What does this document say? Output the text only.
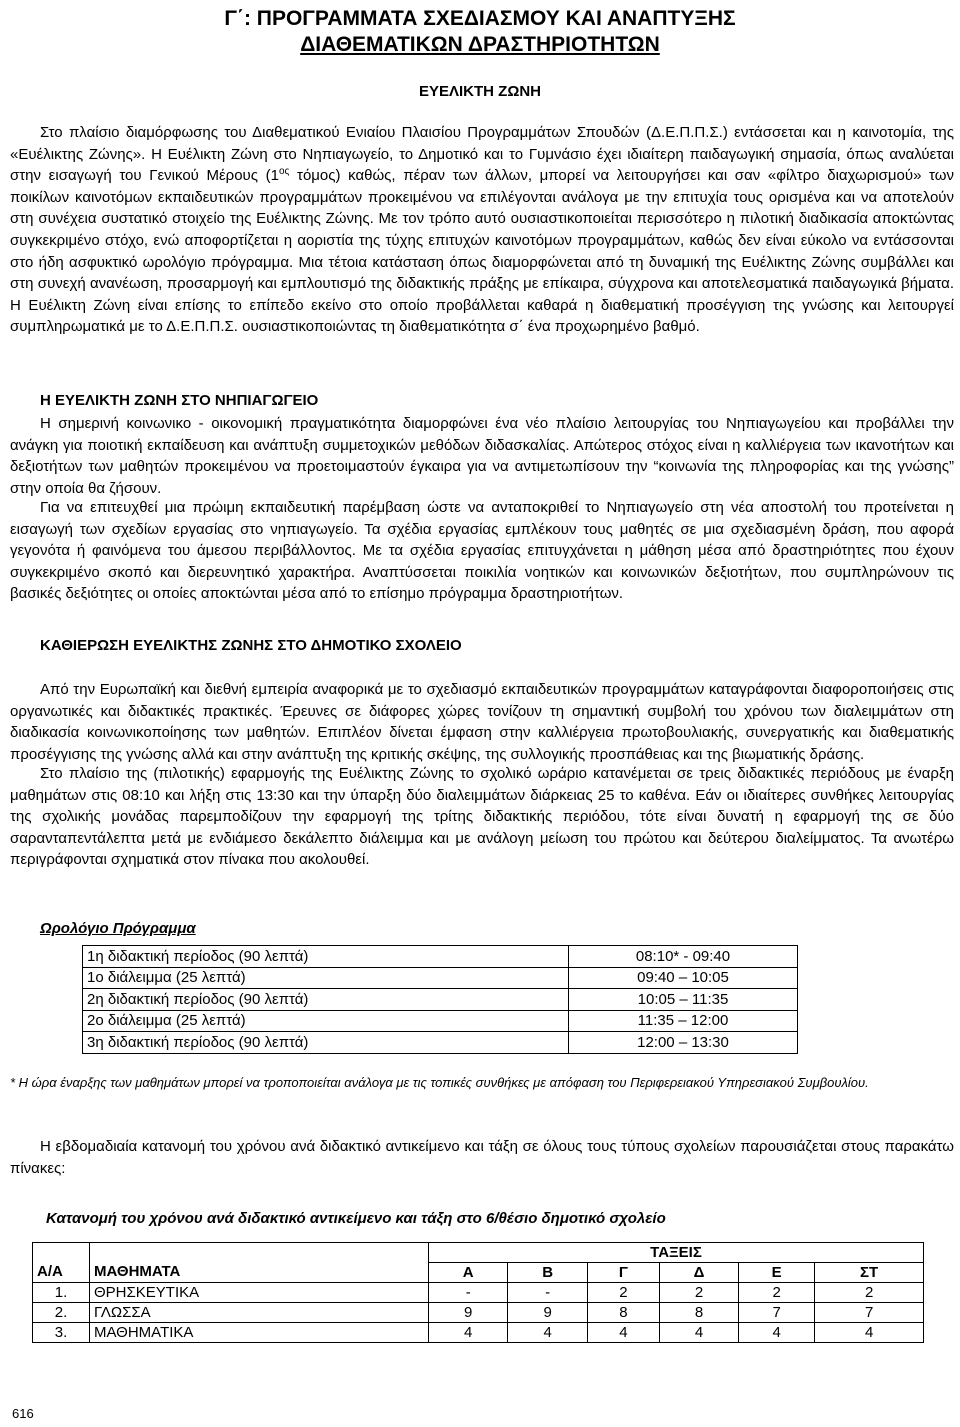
Γ΄: ΠΡΟΓΡΑΜΜΑΤΑ ΣΧΕΔΙΑΣΜΟΥ ΚΑΙ ΑΝΑΠΤΥΞΗΣ
ΔΙΑΘΕΜΑΤΙΚΩΝ ΔΡΑΣΤΗΡΙΟΤΗΤΩΝ
ΕΥΕΛΙΚΤΗ ΖΩΝΗ

Στο πλαίσιο διαμόρφωσης του Διαθεματικού Ενιαίου Πλαισίου Προγραμμάτων Σπουδών (Δ.Ε.Π.Π.Σ.) εντάσσεται και η καινοτομία, της «Ευέλικτης Ζώνης». Η Ευέλικτη Ζώνη στο Νηπιαγωγείο, το Δημοτικό και το Γυμνάσιο έχει ιδιαίτερη παιδαγωγική σημασία, όπως αναλύεται στην εισαγωγή του Γενικού Μέρους ($1^{o\varsigma}$ τόμος) καθώς, πέραν των άλλων, μπορεί να λειτουργήσει και σαν «φίλτρο διαχωρισμού» των ποικίλων καινοτόμων εκπαιδευτικών προγραμμάτων προκειμένου να επιλέγονται ανάλογα με την επιτυχία τους ορισμένα και να αποτελούν στη συνέχεια συστατικό στοιχείο της Ευέλικτης Ζώνης. Με τον τρόπο αυτό ουσιαστικοποιείται περισσότερο η πιλοτική διαδικασία αποκτώντας συγκεκριμένο στόχο, ενώ αποφορτίζεται η αοριστία της τύχης επιτυχών καινοτόμων προγραμμάτων, καθώς δεν είναι εύκολο να εντάσσονται στο ήδη ασφυκτικό ωρολόγιο πρόγραμμα. Μια τέτοια κατάσταση όπως διαμορφώνεται από τη δυναμική της Ευέλικτης Ζώνης συμβάλλει και στη συνεχή ανανέωση, προσαρμογή και εμπλουτισμό της διδακτικής πράξης με επίκαιρα, σύγχρονα και αποτελεσματικά παιδαγωγικά βήματα. Η Ευέλικτη Ζώνη είναι επίσης το επίπεδο εκείνο στο οποίο προβάλλεται καθαρά η διαθεματική προσέγγιση της γνώσης και λειτουργεί συμπληρωματικά με το Δ.Ε.Π.Π.Σ. ουσιαστικοποιώντας τη διαθεματικότητα σ΄ ένα προχωρημένο βαθμό.

Η ΕΥΕΛΙΚΤΗ ΖΩΝΗ ΣΤΟ ΝΗΠΙΑΓΩΓΕΙΟ

Η σημερινή κοινωνικο - οικονομική πραγματικότητα διαμορφώνει ένα νέο πλαίσιο λειτουργίας του Νηπιαγωγείου και προβάλλει την ανάγκη για ποιοτική εκπαίδευση και ανάπτυξη συμμετοχικών μεθόδων διδασκαλίας. Απώτερος στόχος είναι η καλλιέργεια των ικανοτήτων και δεξιοτήτων των μαθητών προκειμένου να προετοιμαστούν έγκαιρα για να αντιμετωπίσουν την “κοινωνία της πληροφορίας και της γνώσης” στην οποία θα ζήσουν.

Για να επιτευχθεί μια πρώιμη εκπαιδευτική παρέμβαση ώστε να ανταποκριθεί το Νηπιαγωγείο στη νέα αποστολή του προτείνεται η εισαγωγή των σχεδίων εργασίας στο νηπιαγωγείο. Τα σχέδια εργασίας εμπλέκουν τους μαθητές σε μια σχεδιασμένη δράση, που αφορά γεγονότα ή φαινόμενα του άμεσου περιβάλλοντος. Με τα σχέδια εργασίας επιτυγχάνεται η μάθηση μέσα από δραστηριότητες που έχουν συγκεκριμένο σκοπό και διερευνητικό χαρακτήρα. Αναπτύσσεται ποικιλία νοητικών και κοινωνικών δεξιοτήτων, που συμπληρώνουν τις βασικές δεξιότητες οι οποίες αποκτώνται μέσα από το επίσημο πρόγραμμα δραστηριοτήτων.

ΚΑΘΙΕΡΩΣΗ ΕΥΕΛΙΚΤΗΣ ΖΩΝΗΣ ΣΤΟ ΔΗΜΟΤΙΚΟ ΣΧΟΛΕΙΟ

Από την Ευρωπαϊκή και διεθνή εμπειρία αναφορικά με το σχεδιασμό εκπαιδευτικών προγραμμάτων καταγράφονται διαφοροποιήσεις στις οργανωτικές και διδακτικές πρακτικές. Έρευνες σε διάφορες χώρες τονίζουν τη σημαντική συμβολή του χρόνου των διαλειμμάτων στη διαδικασία κοινωνικοποίησης των μαθητών. Επιπλέον δίνεται έμφαση στην καλλιέργεια πρωτοβουλιακής, συνεργατικής και διαθεματικής προσέγγισης της γνώσης αλλά και στην ανάπτυξη της κριτικής σκέψης, της συλλογικής προσπάθειας και της βιωματικής δράσης.

Στο πλαίσιο της (πιλοτικής) εφαρμογής της Ευέλικτης Ζώνης το σχολικό ωράριο κατανέμεται σε τρεις διδακτικές περιόδους με έναρξη μαθημάτων στις 08:10 και λήξη στις 13:30 και την ύπαρξη δύο διαλειμμάτων διάρκειας 25 το καθένα. Εάν οι ιδιαίτερες συνθήκες λειτουργίας της σχολικής μονάδας παρεμποδίζουν την εφαρμογή της τρίτης διδακτικής περιόδου, τότε είναι δυνατή η εφαρμογή της σε δύο σαρανταπεντάλεπτα μετά με ενδιάμεσο δεκάλεπτο διάλειμμα και με ανάλογη μείωση του πρώτου και δεύτερου διαλείμματος. Τα ανωτέρω περιγράφονται σχηματικά στον πίνακα που ακολουθεί.

Ωρολόγιο Πρόγραμμα
1η διδακτική περίοδος (90 λεπτά)	08:10* - 09:40
1ο διάλειμμα (25 λεπτά)	09:40 – 10:05
2η διδακτική περίοδος (90 λεπτά)	10:05 – 11:35
2ο διάλειμμα (25 λεπτά)	11:35 – 12:00
3η διδακτική περίοδος (90 λεπτά)	12:00 – 13:30
* Η ώρα έναρξης των μαθημάτων μπορεί να τροποποιείται ανάλογα με τις τοπικές συνθήκες με απόφαση του Περιφερειακού Υπηρεσιακού Συμβουλίου.

Η εβδομαδιαία κατανομή του χρόνου ανά διδακτικό αντικείμενο και τάξη σε όλους τους τύπους σχολείων παρουσιάζεται στους παρακάτω πίνακες:

Κατανομή του χρόνου ανά διδακτικό αντικείμενο και τάξη στο 6/θέσιο δημοτικό σχολείο
		ΤΑΞΕΙΣ					
Α/Α	ΜΑΘΗΜΑΤΑ	Α	Β	Γ	Δ	Ε	ΣΤ
1.	ΘΡΗΣΚΕΥΤΙΚΑ	-	-	2	2	2	2
2.	ΓΛΩΣΣΑ	9	9	8	8	7	7
3.	ΜΑΘΗΜΑΤΙΚΑ	4	4	4	4	4	4
616
